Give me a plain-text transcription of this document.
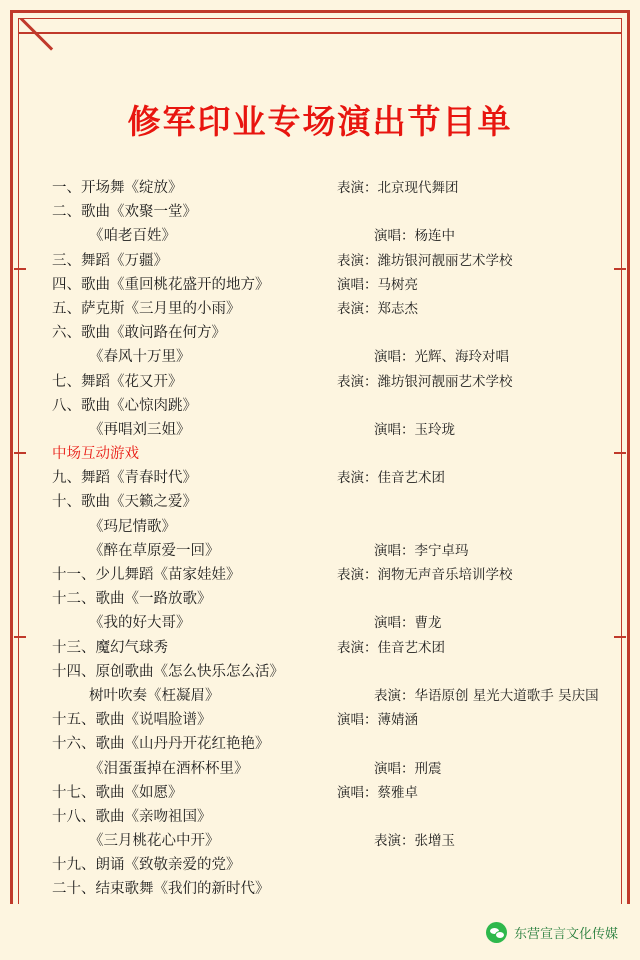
修军印业专场演出节目单
一、开场舞《绽放》	表演：北京现代舞团
二、歌曲《欢聚一堂》
《咱老百姓》	演唱：杨连中
三、舞蹈《万疆》	表演：潍坊银河靓丽艺术学校
四、歌曲《重回桃花盛开的地方》	演唱：马树亮
五、萨克斯《三月里的小雨》	表演：郑志杰
六、歌曲《敢问路在何方》
《春风十万里》	演唱：光辉、海玲对唱
七、舞蹈《花又开》	表演：潍坊银河靓丽艺术学校
八、歌曲《心惊肉跳》
《再唱刘三姐》	演唱：玉玲珑
中场互动游戏
九、舞蹈《青春时代》	表演：佳音艺术团
十、歌曲《天籁之爱》
《玛尼情歌》
《醉在草原爱一回》	演唱：李宁卓玛
十一、少儿舞蹈《苗家娃娃》	表演：润物无声音乐培训学校
十二、歌曲《一路放歌》
《我的好大哥》	演唱：曹龙
十三、魔幻气球秀	表演：佳音艺术团
十四、原创歌曲《怎么快乐怎么活》
树叶吹奏《枉凝眉》	表演：华语原创 星光大道歌手 吴庆国
十五、歌曲《说唱脸谱》	演唱：薄婧涵
十六、歌曲《山丹丹开花红艳艳》
《泪蛋蛋掉在酒杯杯里》	演唱：刑震
十七、歌曲《如愿》	演唱：蔡雅卓
十八、歌曲《亲吻祖国》
《三月桃花心中开》	表演：张增玉
十九、朗诵《致敬亲爱的党》
二十、结束歌舞《我们的新时代》
东营宣言文化传媒
